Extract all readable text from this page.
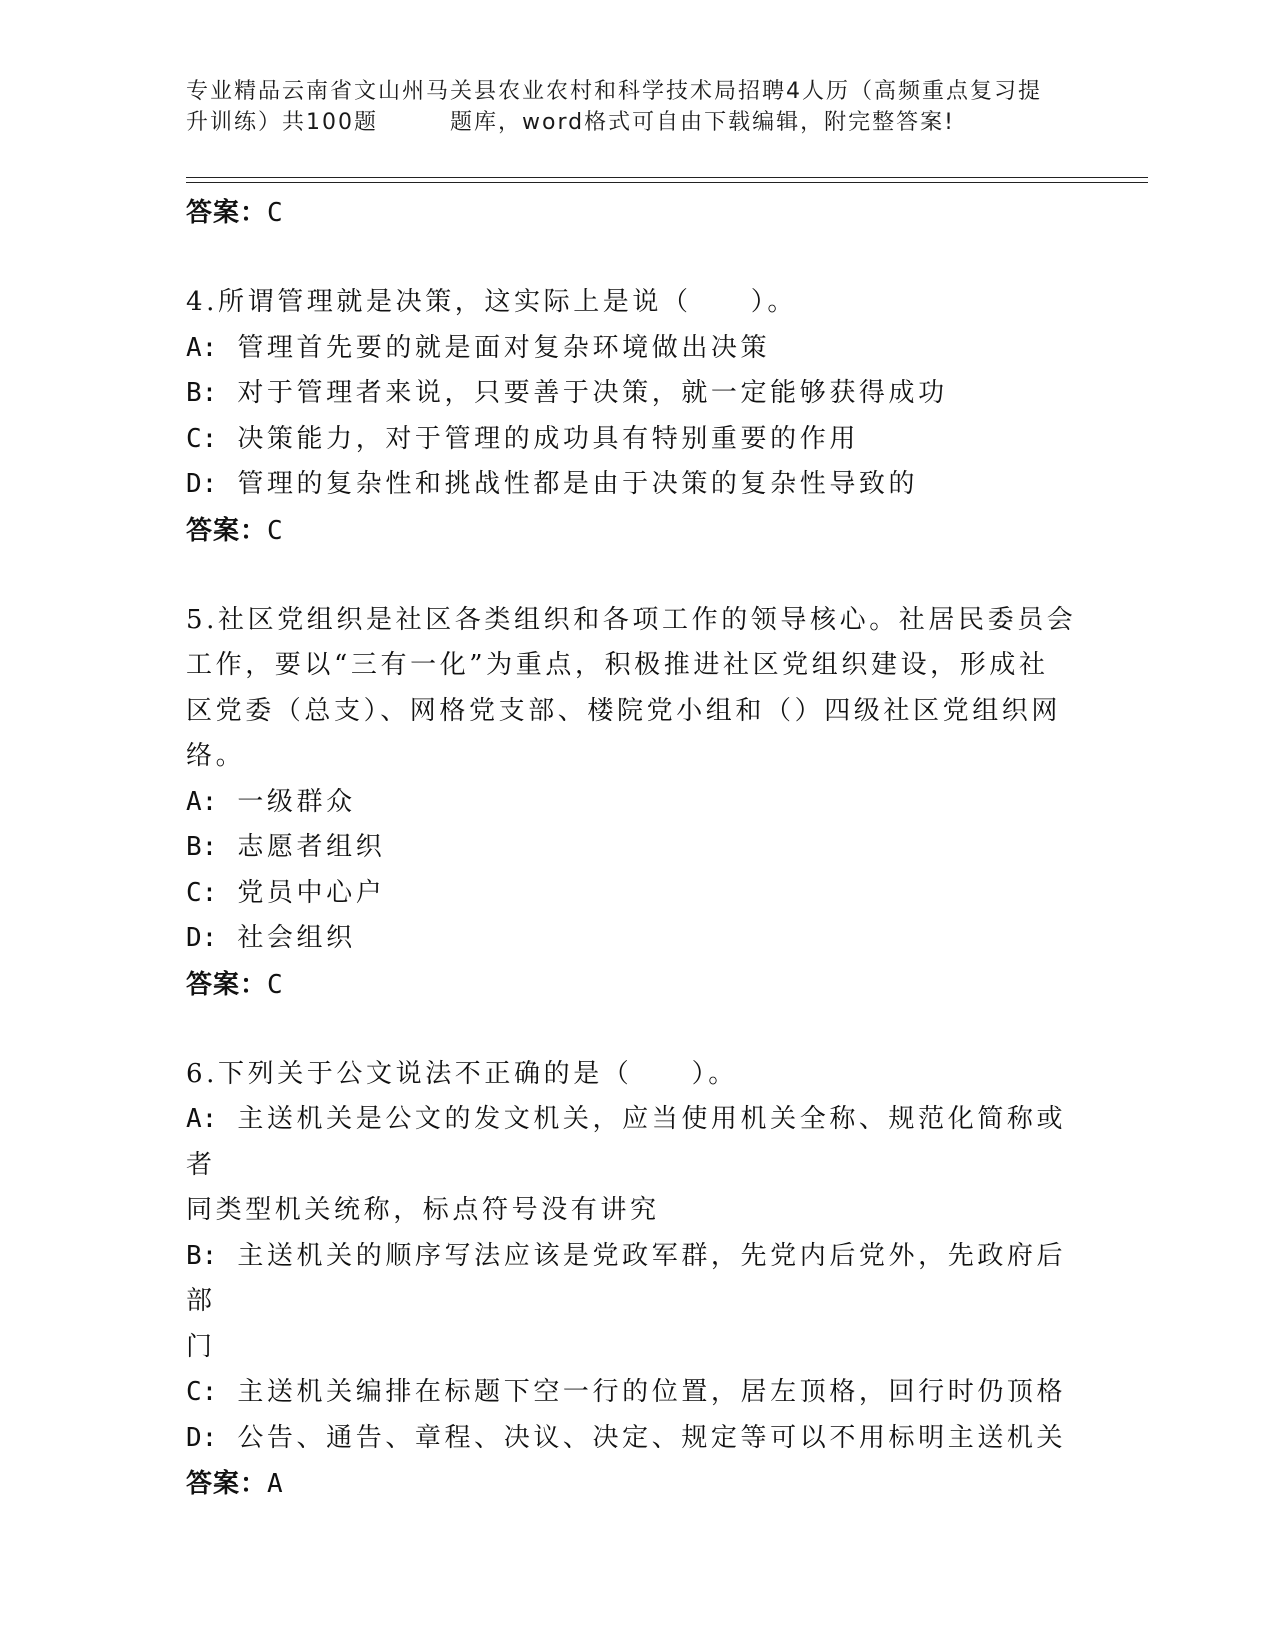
专业精品云南省文山州马关县农业农村和科学技术局招聘4人历（高频重点复习提
升训练）共100题	题库，word格式可自由下载编辑，附完整答案!
答案：C

4.所谓管理就是决策，这实际上是说（　　）。

A: 管理首先要的就是面对复杂环境做出决策

B: 对于管理者来说，只要善于决策，就一定能够获得成功

C: 决策能力，对于管理的成功具有特别重要的作用

D: 管理的复杂性和挑战性都是由于决策的复杂性导致的

答案：C

5.社区党组织是社区各类组织和各项工作的领导核心。社居民委员会

工作，要以“三有一化”为重点，积极推进社区党组织建设，形成社

区党委（总支）、网格党支部、楼院党小组和（）四级社区党组织网

络。

A: 一级群众

B: 志愿者组织

C: 党员中心户

D: 社会组织

答案：C

6.下列关于公文说法不正确的是（　　）。

A: 主送机关是公文的发文机关，应当使用机关全称、规范化简称或者

同类型机关统称，标点符号没有讲究

B: 主送机关的顺序写法应该是党政军群，先党内后党外，先政府后部

门

C: 主送机关编排在标题下空一行的位置，居左顶格，回行时仍顶格

D: 公告、通告、章程、决议、决定、规定等可以不用标明主送机关

答案：A
